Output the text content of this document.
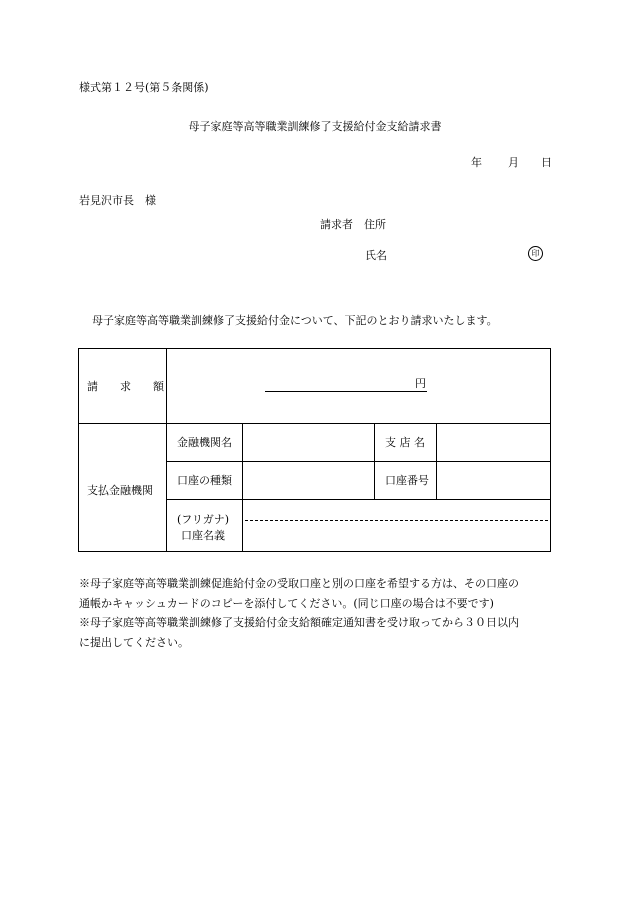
様式第１２号(第５条関係)
母子家庭等高等職業訓練修了支援給付金支給請求書
年 月 日
岩見沢市長　様
請求者　住所
氏名	印
母子家庭等高等職業訓練修了支援給付金について、下記のとおり請求いたします。
請　　求　　額	円
支払金融機関
金融機関名	支 店 名
口座の種類	口座番号
(フリガナ)
口座名義
※母子家庭等高等職業訓練促進給付金の受取口座と別の口座を希望する方は、その口座の
通帳かキャッシュカードのコピーを添付してください。(同じ口座の場合は不要です)
※母子家庭等高等職業訓練修了支援給付金支給額確定通知書を受け取ってから３０日以内
に提出してください。
